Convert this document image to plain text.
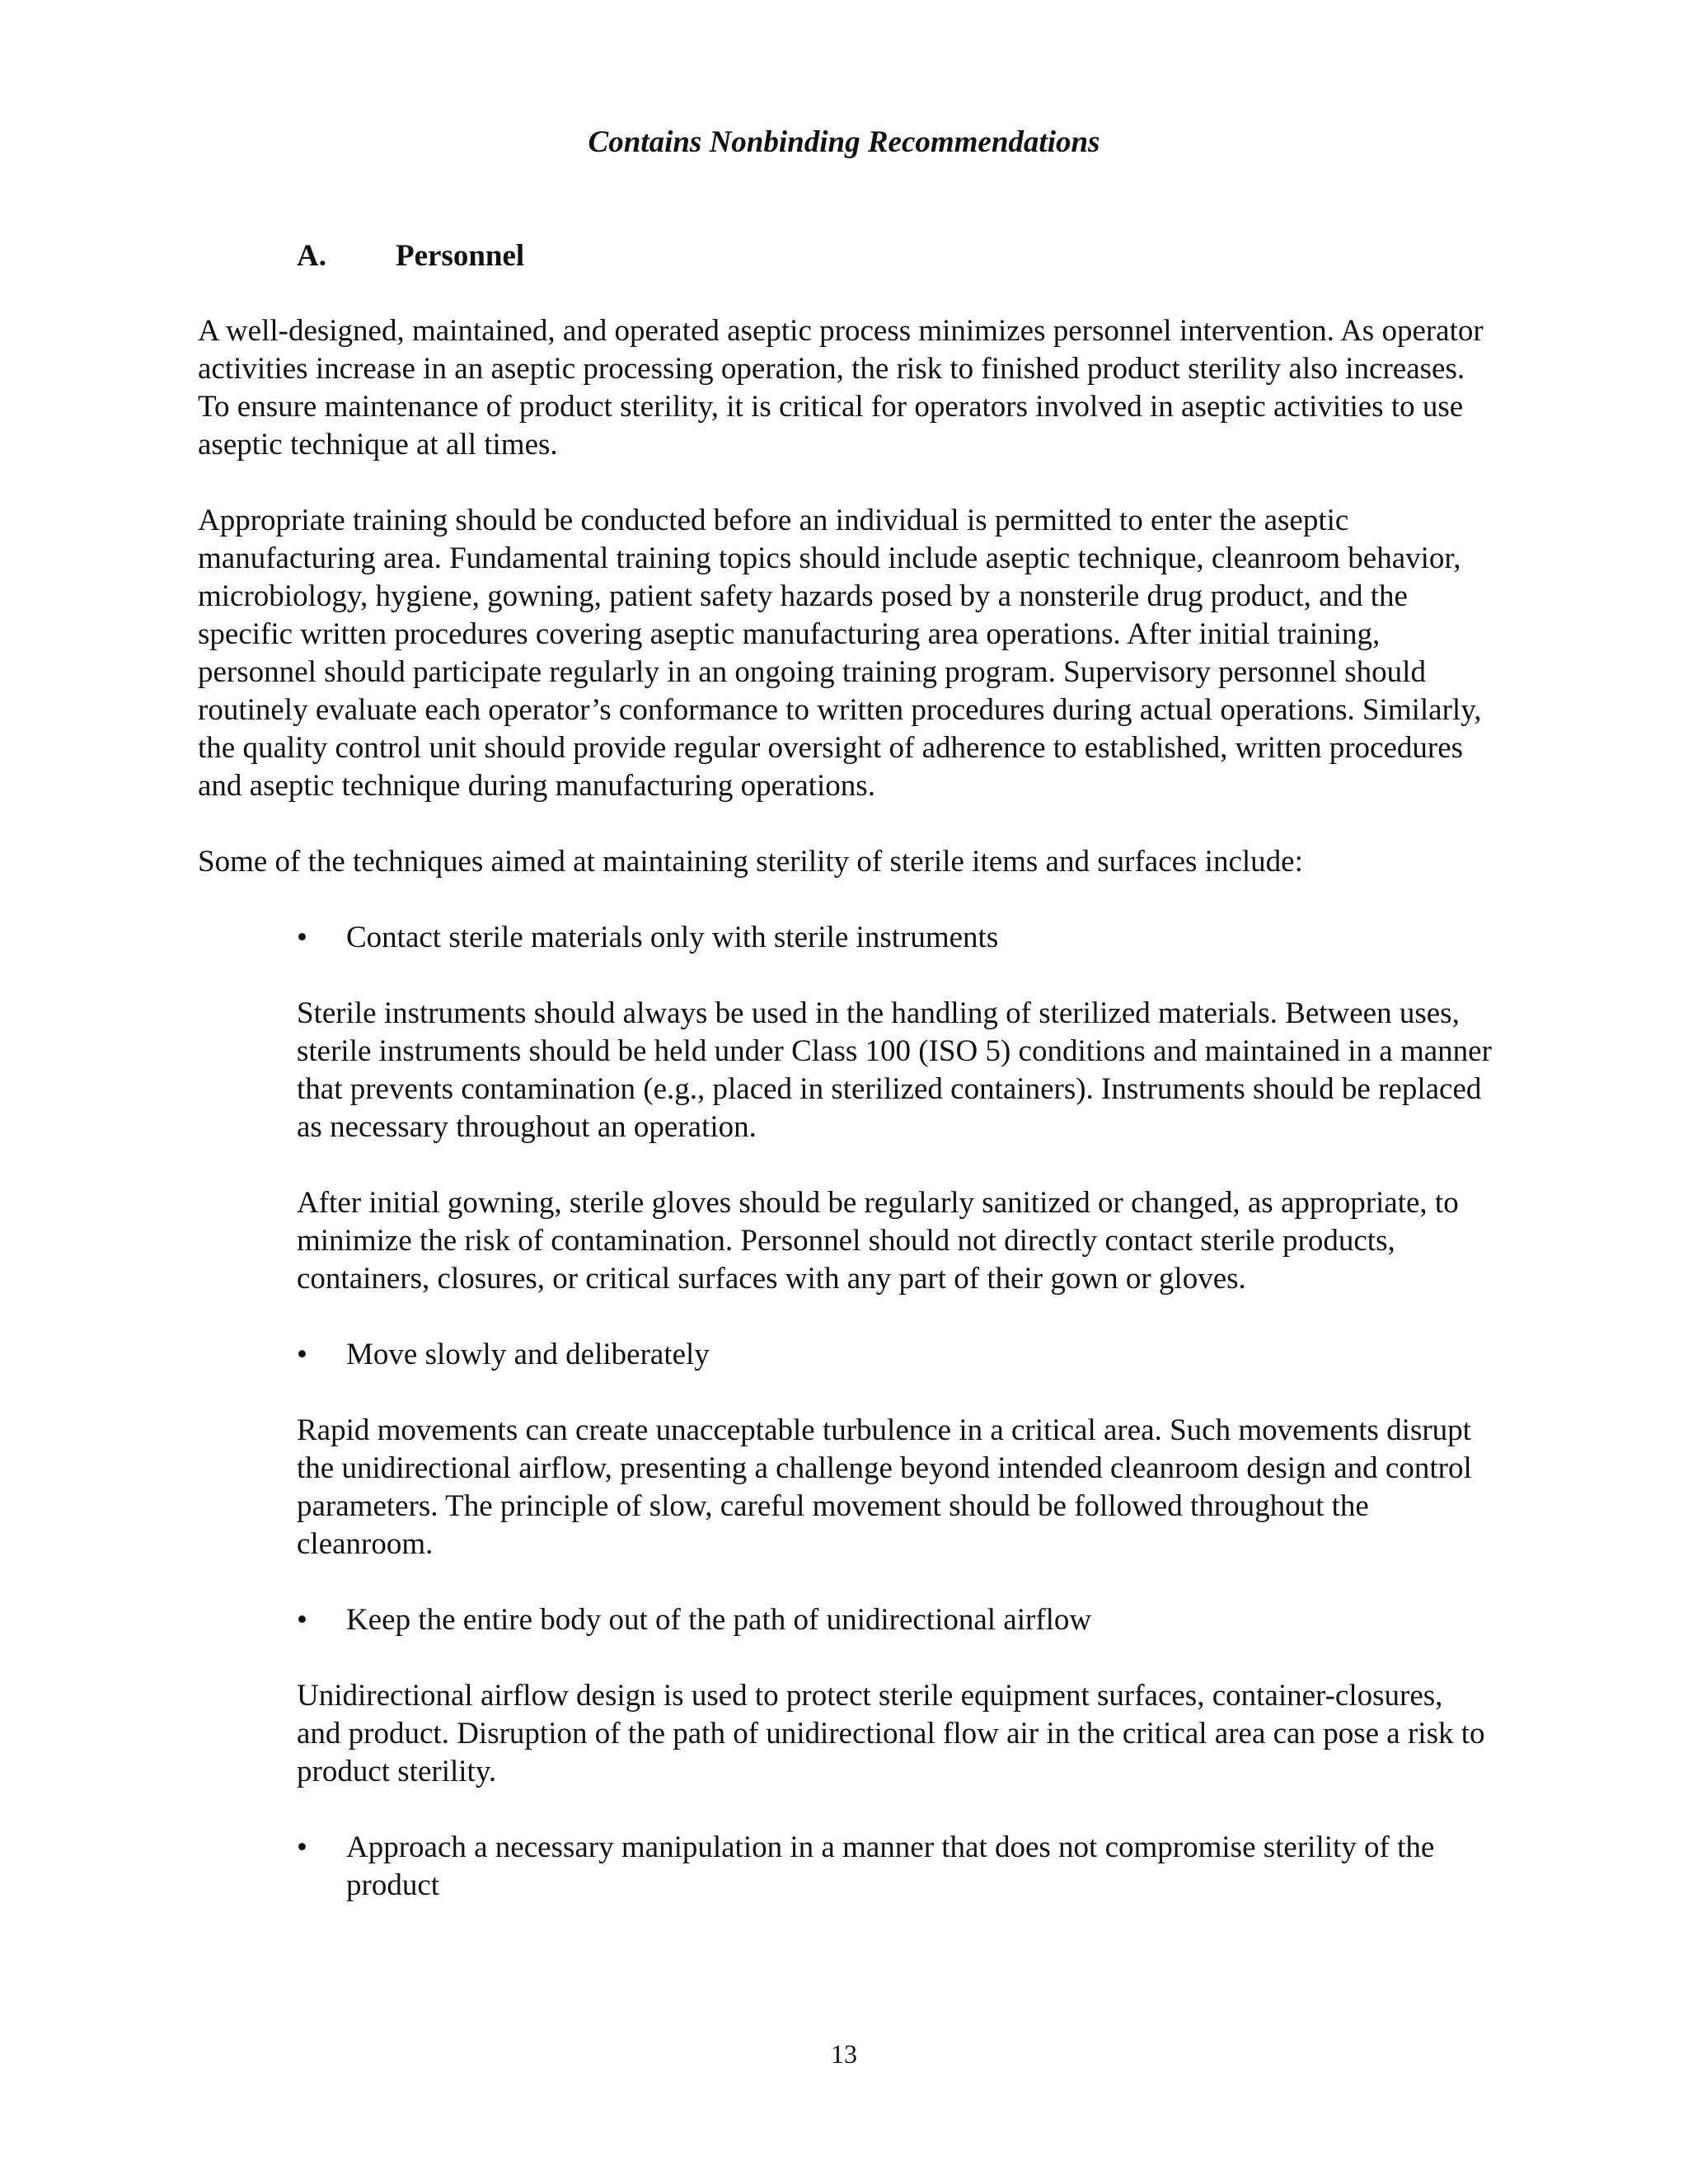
Contains Nonbinding Recommendations
A. Personnel

A well-designed, maintained, and operated aseptic process minimizes personnel intervention. As operator activities increase in an aseptic processing operation, the risk to finished product sterility also increases. To ensure maintenance of product sterility, it is critical for operators involved in aseptic activities to use aseptic technique at all times.

Appropriate training should be conducted before an individual is permitted to enter the aseptic manufacturing area. Fundamental training topics should include aseptic technique, cleanroom behavior, microbiology, hygiene, gowning, patient safety hazards posed by a nonsterile drug product, and the specific written procedures covering aseptic manufacturing area operations. After initial training, personnel should participate regularly in an ongoing training program. Supervisory personnel should routinely evaluate each operator’s conformance to written procedures during actual operations. Similarly, the quality control unit should provide regular oversight of adherence to established, written procedures and aseptic technique during manufacturing operations.

Some of the techniques aimed at maintaining sterility of sterile items and surfaces include:

• Contact sterile materials only with sterile instruments

Sterile instruments should always be used in the handling of sterilized materials. Between uses, sterile instruments should be held under Class 100 (ISO 5) conditions and maintained in a manner that prevents contamination (e.g., placed in sterilized containers). Instruments should be replaced as necessary throughout an operation.

After initial gowning, sterile gloves should be regularly sanitized or changed, as appropriate, to minimize the risk of contamination. Personnel should not directly contact sterile products, containers, closures, or critical surfaces with any part of their gown or gloves.

• Move slowly and deliberately

Rapid movements can create unacceptable turbulence in a critical area. Such movements disrupt the unidirectional airflow, presenting a challenge beyond intended cleanroom design and control parameters. The principle of slow, careful movement should be followed throughout the cleanroom.

• Keep the entire body out of the path of unidirectional airflow

Unidirectional airflow design is used to protect sterile equipment surfaces, container-closures, and product. Disruption of the path of unidirectional flow air in the critical area can pose a risk to product sterility.

• Approach a necessary manipulation in a manner that does not compromise sterility of the product
13
